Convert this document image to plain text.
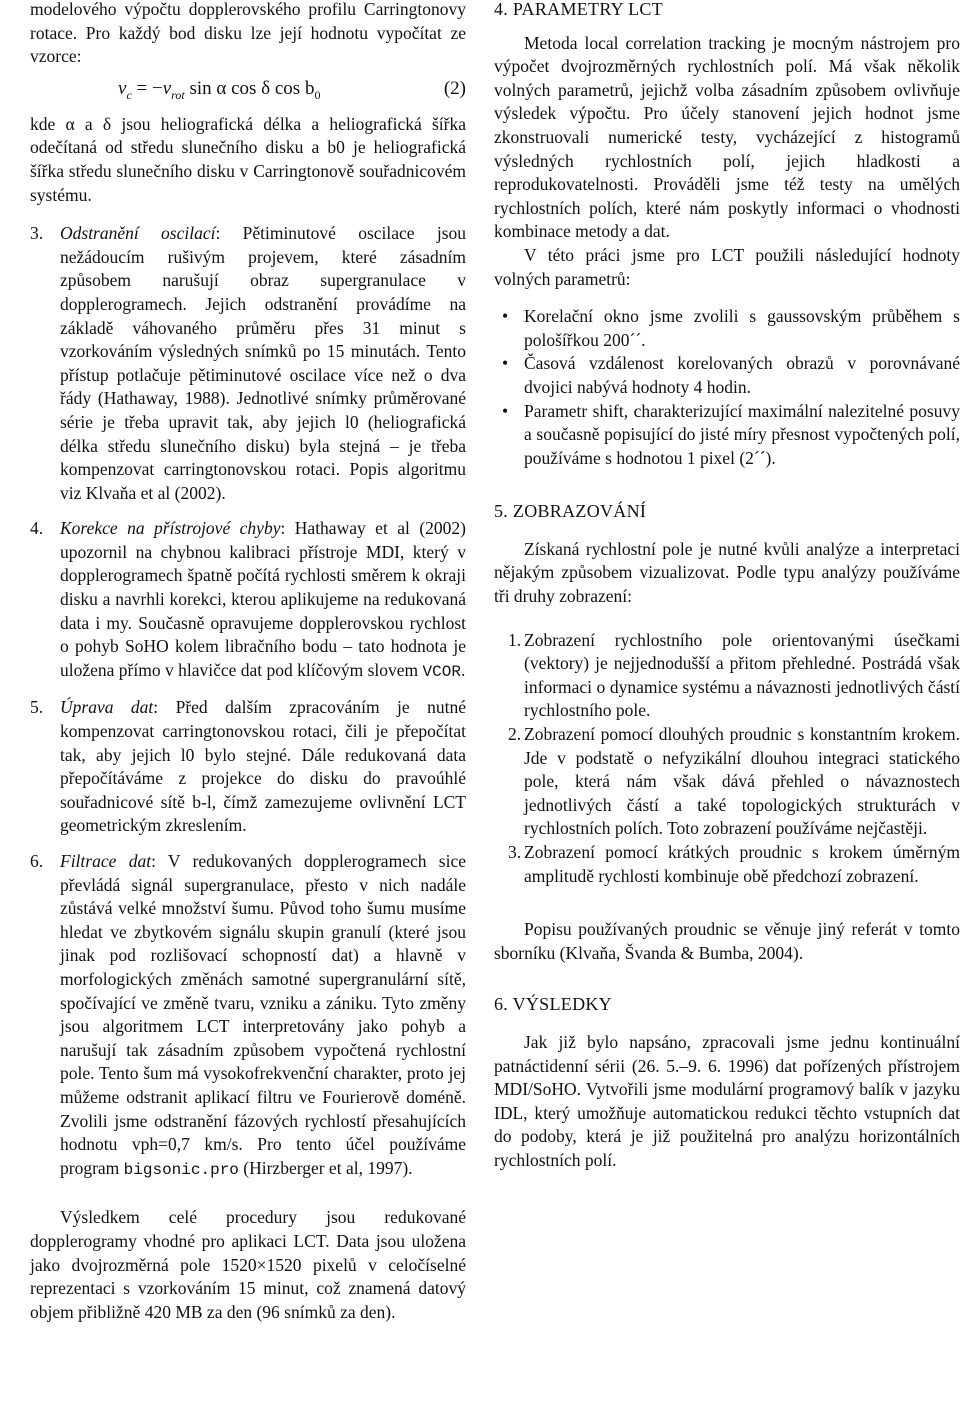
modelového výpočtu dopplerovského profilu Carringtonovy rotace. Pro každý bod disku lze její hodnotu vypočítat ze vzorce:

$v_c = -v_{rot}$ sin α cos δ $\cos b_0$	(2)

kde α a δ jsou heliografická délka a heliografická šířka odečítaná od středu slunečního disku a b0 je heliografická šířka středu slunečního disku v Carringtonově souřadnicovém systému.

3. Odstranění oscilací: Pětiminutové oscilace jsou nežádoucím rušivým projevem, které zásadním způsobem narušují obraz supergranulace v dopplerogramech. Jejich odstranění provádíme na základě váhovaného průměru přes 31 minut s vzorkováním výsledných snímků po 15 minutách. Tento přístup potlačuje pětiminutové oscilace více než o dva řády (Hathaway, 1988). Jednotlivé snímky průměrované série je třeba upravit tak, aby jejich l0 (heliografická délka středu slunečního disku) byla stejná – je třeba kompenzovat carringtonovskou rotaci. Popis algoritmu viz Klvaňa et al (2002).
4. Korekce na přístrojové chyby: Hathaway et al (2002) upozornil na chybnou kalibraci přístroje MDI, který v dopplerogramech špatně počítá rychlosti směrem k okraji disku a navrhli korekci, kterou aplikujeme na redukovaná data i my. Současně opravujeme dopplerovskou rychlost o pohyb SoHO kolem libračního bodu – tato hodnota je uložena přímo v hlavičce dat pod klíčovým slovem VCOR.
5. Úprava dat: Před dalším zpracováním je nutné kompenzovat carringtonovskou rotaci, čili je přepočítat tak, aby jejich l0 bylo stejné. Dále redukovaná data přepočítáváme z projekce do disku do pravoúhlé souřadnicové sítě b-l, čímž zamezujeme ovlivnění LCT geometrickým zkreslením.
6. Filtrace dat: V redukovaných dopplerogramech sice převládá signál supergranulace, přesto v nich nadále zůstává velké množství šumu. Původ toho šumu musíme hledat ve zbytkovém signálu skupin granulí (které jsou jinak pod rozlišovací schopností dat) a hlavně v morfologických změnách samotné supergranulární sítě, spočívající ve změně tvaru, vzniku a zániku. Tyto změny jsou algoritmem LCT interpretovány jako pohyb a narušují tak zásadním způsobem vypočtená rychlostní pole. Tento šum má vysokofrekvenční charakter, proto jej můžeme odstranit aplikací filtru ve Fourierově doméně. Zvolili jsme odstranění fázových rychlostí přesahujících hodnotu vph=0,7 km/s. Pro tento účel používáme program bigsonic.pro (Hirzberger et al, 1997).

Výsledkem celé procedury jsou redukované dopplerogramy vhodné pro aplikaci LCT. Data jsou uložena jako dvojrozměrná pole 1520×1520 pixelů v celočíselné reprezentaci s vzorkováním 15 minut, což znamená datový objem přibližně 420 MB za den (96 snímků za den).

4. PARAMETRY LCT

Metoda local correlation tracking je mocným nástrojem pro výpočet dvojrozměrných rychlostních polí. Má však několik volných parametrů, jejichž volba zásadním způsobem ovlivňuje výsledek výpočtu. Pro účely stanovení jejich hodnot jsme zkonstruovali numerické testy, vycházející z histogramů výsledných rychlostních polí, jejich hladkosti a reprodukovatelnosti. Prováděli jsme též testy na umělých rychlostních polích, které nám poskytly informaci o vhodnosti kombinace metody a dat.

V této práci jsme pro LCT použili následující hodnoty volných parametrů:

• Korelační okno jsme zvolili s gaussovským průběhem s pološířkou 200´´.
• Časová vzdálenost korelovaných obrazů v porovnávané dvojici nabývá hodnoty 4 hodin.
• Parametr shift, charakterizující maximální nalezitelné posuvy a současně popisující do jisté míry přesnost vypočtených polí, používáme s hodnotou 1 pixel (2´´).
5. ZOBRAZOVÁNÍ

Získaná rychlostní pole je nutné kvůli analýze a interpretaci nějakým způsobem vizualizovat. Podle typu analýzy používáme tři druhy zobrazení:

1. Zobrazení rychlostního pole orientovanými úsečkami (vektory) je nejjednodušší a přitom přehledné. Postrádá však informaci o dynamice systému a návaznosti jednotlivých částí rychlostního pole.
2. Zobrazení pomocí dlouhých proudnic s konstantním krokem. Jde v podstatě o nefyzikální dlouhou integraci statického pole, která nám však dává přehled o návaznostech jednotlivých částí a také topologických strukturách v rychlostních polích. Toto zobrazení používáme nejčastěji.
3. Zobrazení pomocí krátkých proudnic s krokem úměrným amplitudě rychlosti kombinuje obě předchozí zobrazení.

Popisu používaných proudnic se věnuje jiný referát v tomto sborníku (Klvaňa, Švanda & Bumba, 2004).

6. VÝSLEDKY

Jak již bylo napsáno, zpracovali jsme jednu kontinuální patnáctidenní sérii (26. 5.–9. 6. 1996) dat pořízených přístrojem MDI/SoHO. Vytvořili jsme modulární programový balík v jazyku IDL, který umožňuje automatickou redukci těchto vstupních dat do podoby, která je již použitelná pro analýzu horizontálních rychlostních polí.
